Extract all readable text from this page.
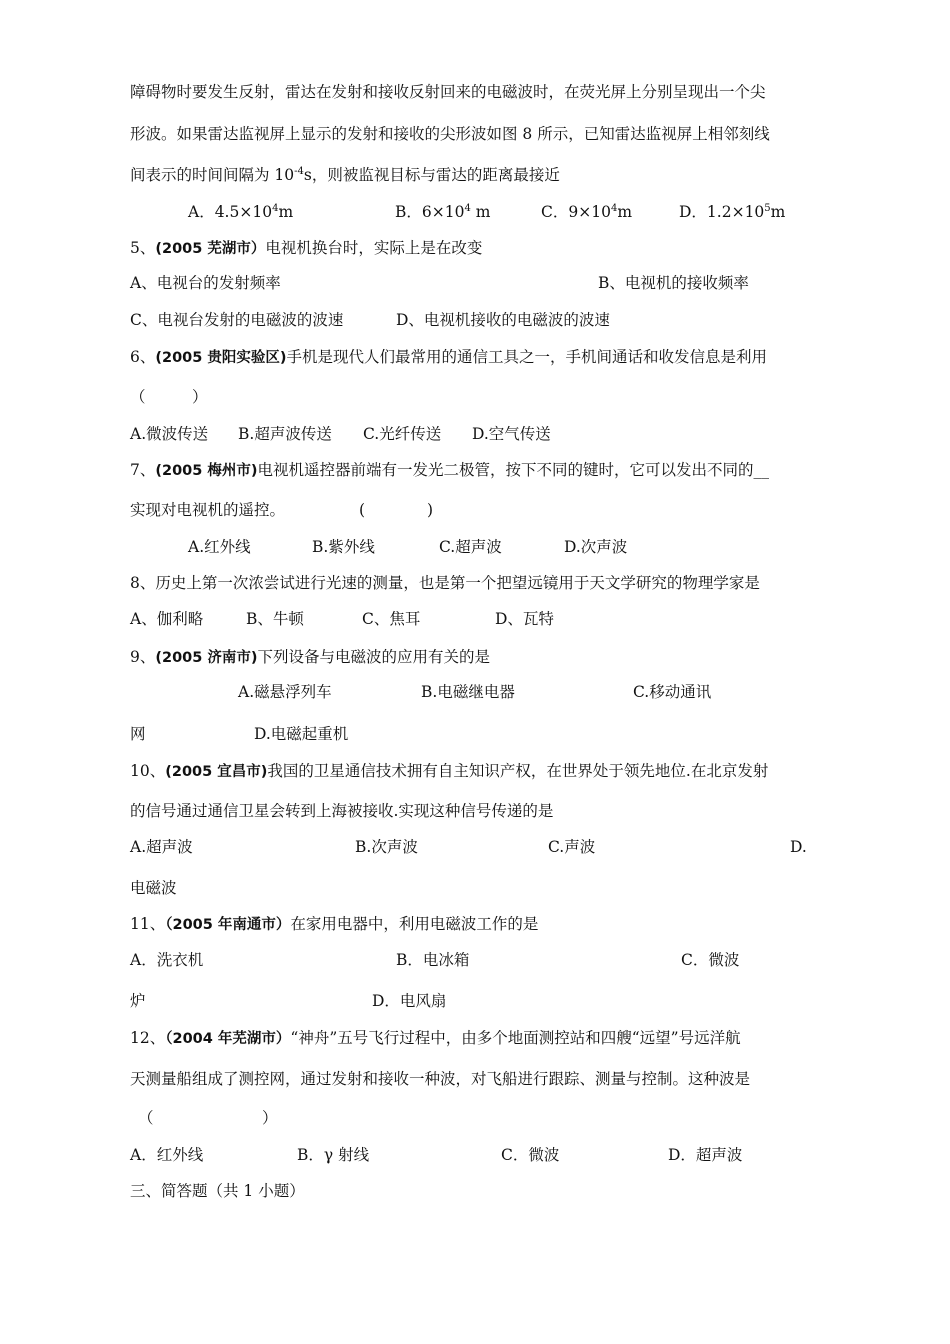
障碍物时要发生反射，雷达在发射和接收反射回来的电磁波时，在荧光屏上分别呈现出一个尖
形波。如果雷达监视屏上显示的发射和接收的尖形波如图 8 所示，已知雷达监视屏上相邻刻线
间表示的时间间隔为 $10^{-4}s$，则被监视目标与雷达的距离最接近
A．$4.5\times 10^4m$	B．$6\times 10^4$ m	C．$9\times 10^4m$	D．$1.2\times 10^5m$
5、(2005 芜湖市）电视机换台时，实际上是在改变
A、电视台的发射频率	B、电视机的接收频率
C、电视台发射的电磁波的波速	D、电视机接收的电磁波的波速
6、(2005 贵阳实验区)手机是现代人们最常用的通信工具之一，手机间通话和收发信息是利用
（　　　）
A.微波传送 B.超声波传送 C.光纤传送 D.空气传送
7、(2005 梅州市)电视机遥控器前端有一发光二极管，按下不同的键时，它可以发出不同的__
实现对电视机的遥控。	(　　　　)
A.红外线	B.紫外线	C.超声波	D.次声波
8、历史上第一次浓尝试进行光速的测量，也是第一个把望远镜用于天文学研究的物理学家是
A、伽利略	B、牛顿	C、焦耳	D、瓦特
9、(2005 济南市)下列设备与电磁波的应用有关的是
A.磁悬浮列车	B.电磁继电器	C.移动通讯
网	D.电磁起重机
10、(2005 宜昌市)我国的卫星通信技术拥有自主知识产权，在世界处于领先地位.在北京发射
的信号通过通信卫星会转到上海被接收.实现这种信号传递的是
A.超声波	B.次声波	C.声波	D.
电磁波
11、（2005 年南通市）在家用电器中，利用电磁波工作的是
A．洗衣机	B．电冰箱	C．微波
炉	D．电风扇
12、（2004 年芜湖市）“神舟”五号飞行过程中，由多个地面测控站和四艘“远望”号远洋航
天测量船组成了测控网，通过发射和接收一种波，对飞船进行跟踪、测量与控制。这种波是
（　　　　　　　）
A．红外线	B．γ 射线	C．微波	D．超声波
三、简答题（共 1 小题）
